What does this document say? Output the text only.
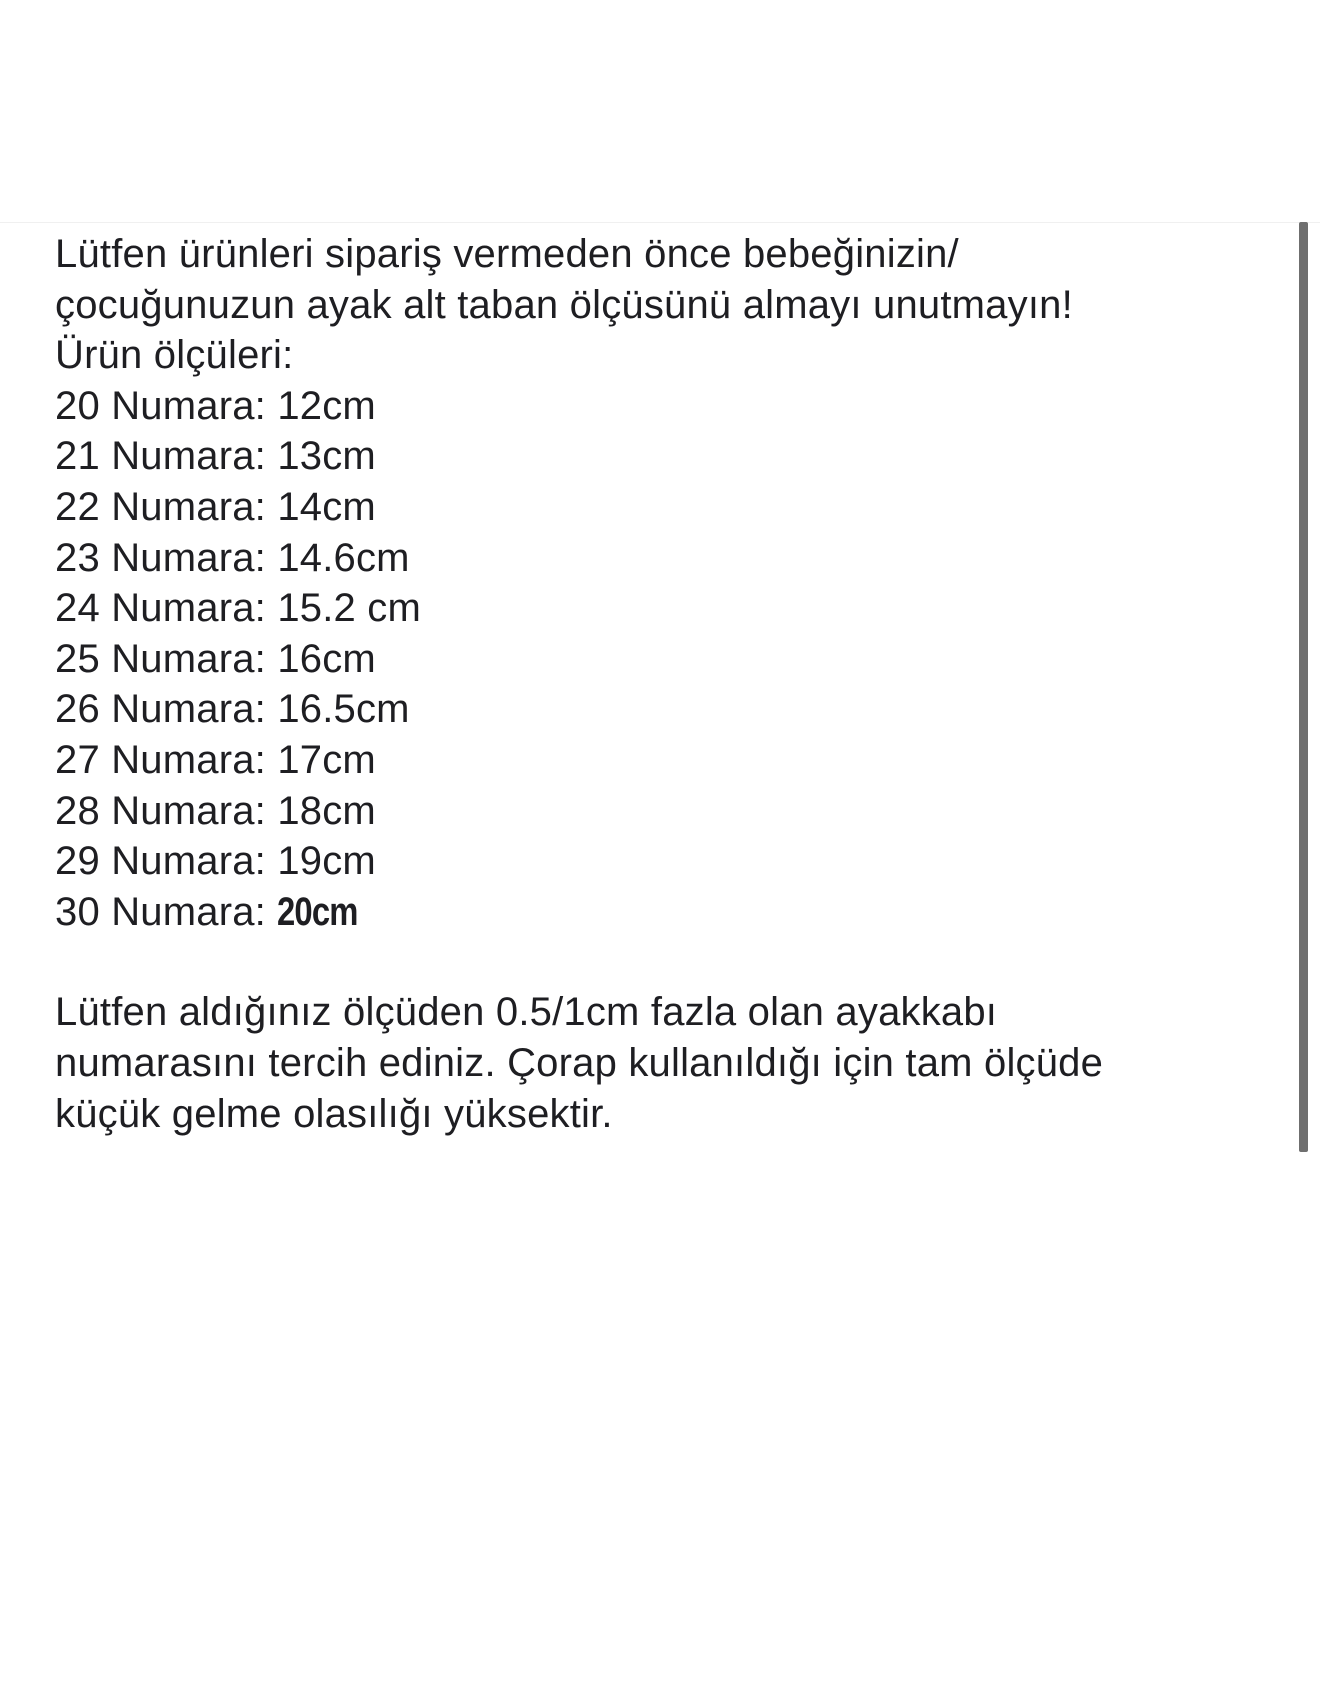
Lütfen ürünleri sipariş vermeden önce bebeğinizin/
çocuğunuzun ayak alt taban ölçüsünü almayı unutmayın!
Ürün ölçüleri:
20 Numara: 12cm
21 Numara: 13cm
22 Numara: 14cm
23 Numara: 14.6cm
24 Numara: 15.2 cm
25 Numara: 16cm
26 Numara: 16.5cm
27 Numara: 17cm
28 Numara: 18cm
29 Numara: 19cm
30 Numara: 20cm
Lütfen aldığınız ölçüden 0.5/1cm fazla olan ayakkabı
numarasını tercih ediniz. Çorap kullanıldığı için tam ölçüde
küçük gelme olasılığı yüksektir.
